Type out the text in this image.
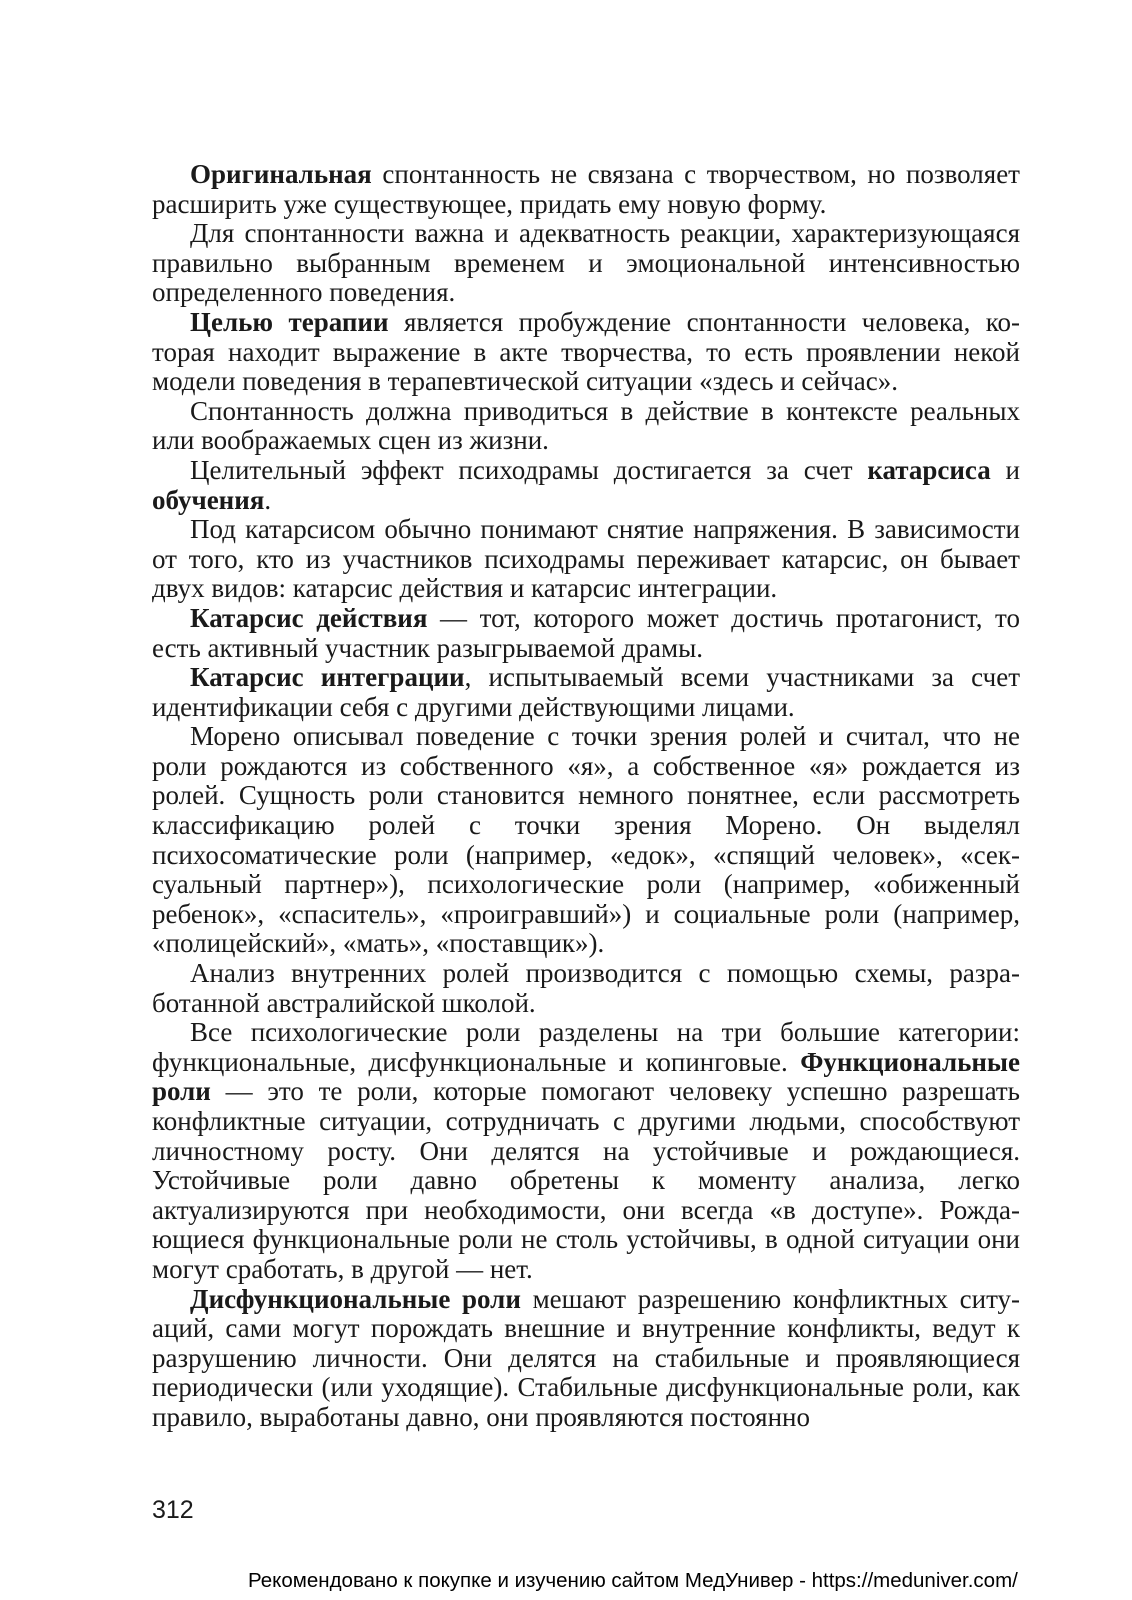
Оригинальная спонтанность не связана с творчеством, но позволяет расширить уже существующее, придать ему новую форму.

Для спонтанности важна и адекватность реакции, характеризующаяся правильно выбранным временем и эмоциональной интенсивностью определенного поведения.

Целью терапии является пробуждение спонтанности человека, которая находит выражение в акте творчества, то есть проявлении некой модели поведения в терапевтической ситуации «здесь и сейчас».

Спонтанность должна приводиться в действие в контексте реальных или воображаемых сцен из жизни.

Целительный эффект психодрамы достигается за счет катарсиса и обучения.

Под катарсисом обычно понимают снятие напряжения. В зависимости от того, кто из участников психодрамы переживает катарсис, он бывает двух видов: катарсис действия и катарсис интеграции.

Катарсис действия — тот, которого может достичь протагонист, то есть активный участник разыгрываемой драмы.

Катарсис интеграции, испытываемый всеми участниками за счет идентификации себя с другими действующими лицами.

Морено описывал поведение с точки зрения ролей и считал, что не роли рождаются из собственного «я», а собственное «я» рождается из ролей. Сущность роли становится немного понятнее, если рассмотреть классификацию ролей с точки зрения Морено. Он выделял психосоматические роли (например, «едок», «спящий человек», «сексуальный партнер»), психологические роли (например, «обиженный ребенок», «спаситель», «проигравший») и социальные роли (например, «полицейский», «мать», «поставщик»).

Анализ внутренних ролей производится с помощью схемы, разработанной австралийской школой.

Все психологические роли разделены на три большие категории: функциональные, дисфункциональные и копинговые. Функциональные роли — это те роли, которые помогают человеку успешно разрешать конфликтные ситуации, сотрудничать с другими людьми, способствуют личностному росту. Они делятся на устойчивые и рождающиеся. Устойчивые роли давно обретены к моменту анализа, легко актуализируются при необходимости, они всегда «в доступе». Рождающиеся функциональные роли не столь устойчивы, в одной ситуации они могут сработать, в другой — нет.

Дисфункциональные роли мешают разрешению конфликтных ситуаций, сами могут порождать внешние и внутренние конфликты, ведут к разрушению личности. Они делятся на стабильные и проявляющиеся периодически (или уходящие). Стабильные дисфункциональные роли, как правило, выработаны давно, они проявляются постоянно

312
Рекомендовано к покупке и изучению сайтом МедУнивер - https://meduniver.com/
